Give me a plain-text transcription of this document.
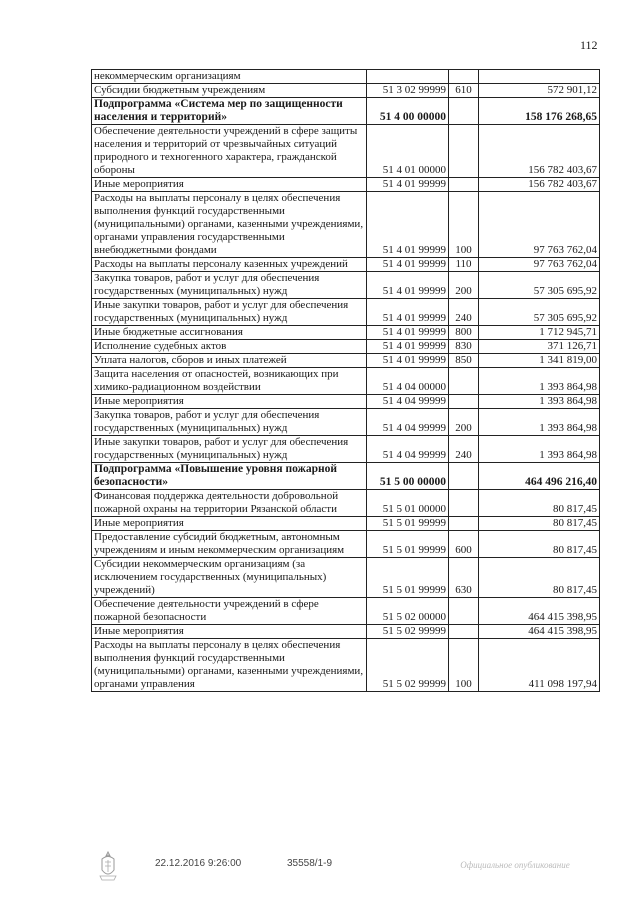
112
некоммерческим организациям			
Субсидии бюджетным учреждениям	51 3 02 99999	610	572 901,12
Подпрограмма «Система мер по защищенности населения и территорий»	51 4 00 00000		158 176 268,65
Обеспечение деятельности учреждений в сфере защиты населения и территорий от чрезвычайных ситуаций природного и техногенного характера, гражданской обороны	51 4 01 00000		156 782 403,67
Иные мероприятия	51 4 01 99999		156 782 403,67
Расходы на выплаты персоналу в целях обеспечения выполнения функций государственными (муниципальными) органами, казенными учреждениями, органами управления государственными внебюджетными фондами	51 4 01 99999	100	97 763 762,04
Расходы на выплаты персоналу казенных учреждений	51 4 01 99999	110	97 763 762,04
Закупка товаров, работ и услуг для обеспечения государственных (муниципальных) нужд	51 4 01 99999	200	57 305 695,92
Иные закупки товаров, работ и услуг для обеспечения государственных (муниципальных) нужд	51 4 01 99999	240	57 305 695,92
Иные бюджетные ассигнования	51 4 01 99999	800	1 712 945,71
Исполнение судебных актов	51 4 01 99999	830	371 126,71
Уплата налогов, сборов и иных платежей	51 4 01 99999	850	1 341 819,00
Защита населения от опасностей, возникающих при химико-радиационном воздействии	51 4 04 00000		1 393 864,98
Иные мероприятия	51 4 04 99999		1 393 864,98
Закупка товаров, работ и услуг для обеспечения государственных (муниципальных) нужд	51 4 04 99999	200	1 393 864,98
Иные закупки товаров, работ и услуг для обеспечения государственных (муниципальных) нужд	51 4 04 99999	240	1 393 864,98
Подпрограмма «Повышение уровня пожарной безопасности»	51 5 00 00000		464 496 216,40
Финансовая поддержка деятельности добровольной пожарной охраны на территории Рязанской области	51 5 01 00000		80 817,45
Иные мероприятия	51 5 01 99999		80 817,45
Предоставление субсидий бюджетным, автономным учреждениям и иным некоммерческим организациям	51 5 01 99999	600	80 817,45
Субсидии некоммерческим организациям (за исключением государственных (муниципальных) учреждений)	51 5 01 99999	630	80 817,45
Обеспечение деятельности учреждений в сфере пожарной безопасности	51 5 02 00000		464 415 398,95
Иные мероприятия	51 5 02 99999		464 415 398,95
Расходы на выплаты персоналу в целях обеспечения выполнения функций государственными (муниципальными) органами, казенными учреждениями, органами управления	51 5 02 99999	100	411 098 197,94
22.12.2016 9:26:00	35558/1-9	Официальное опубликование
